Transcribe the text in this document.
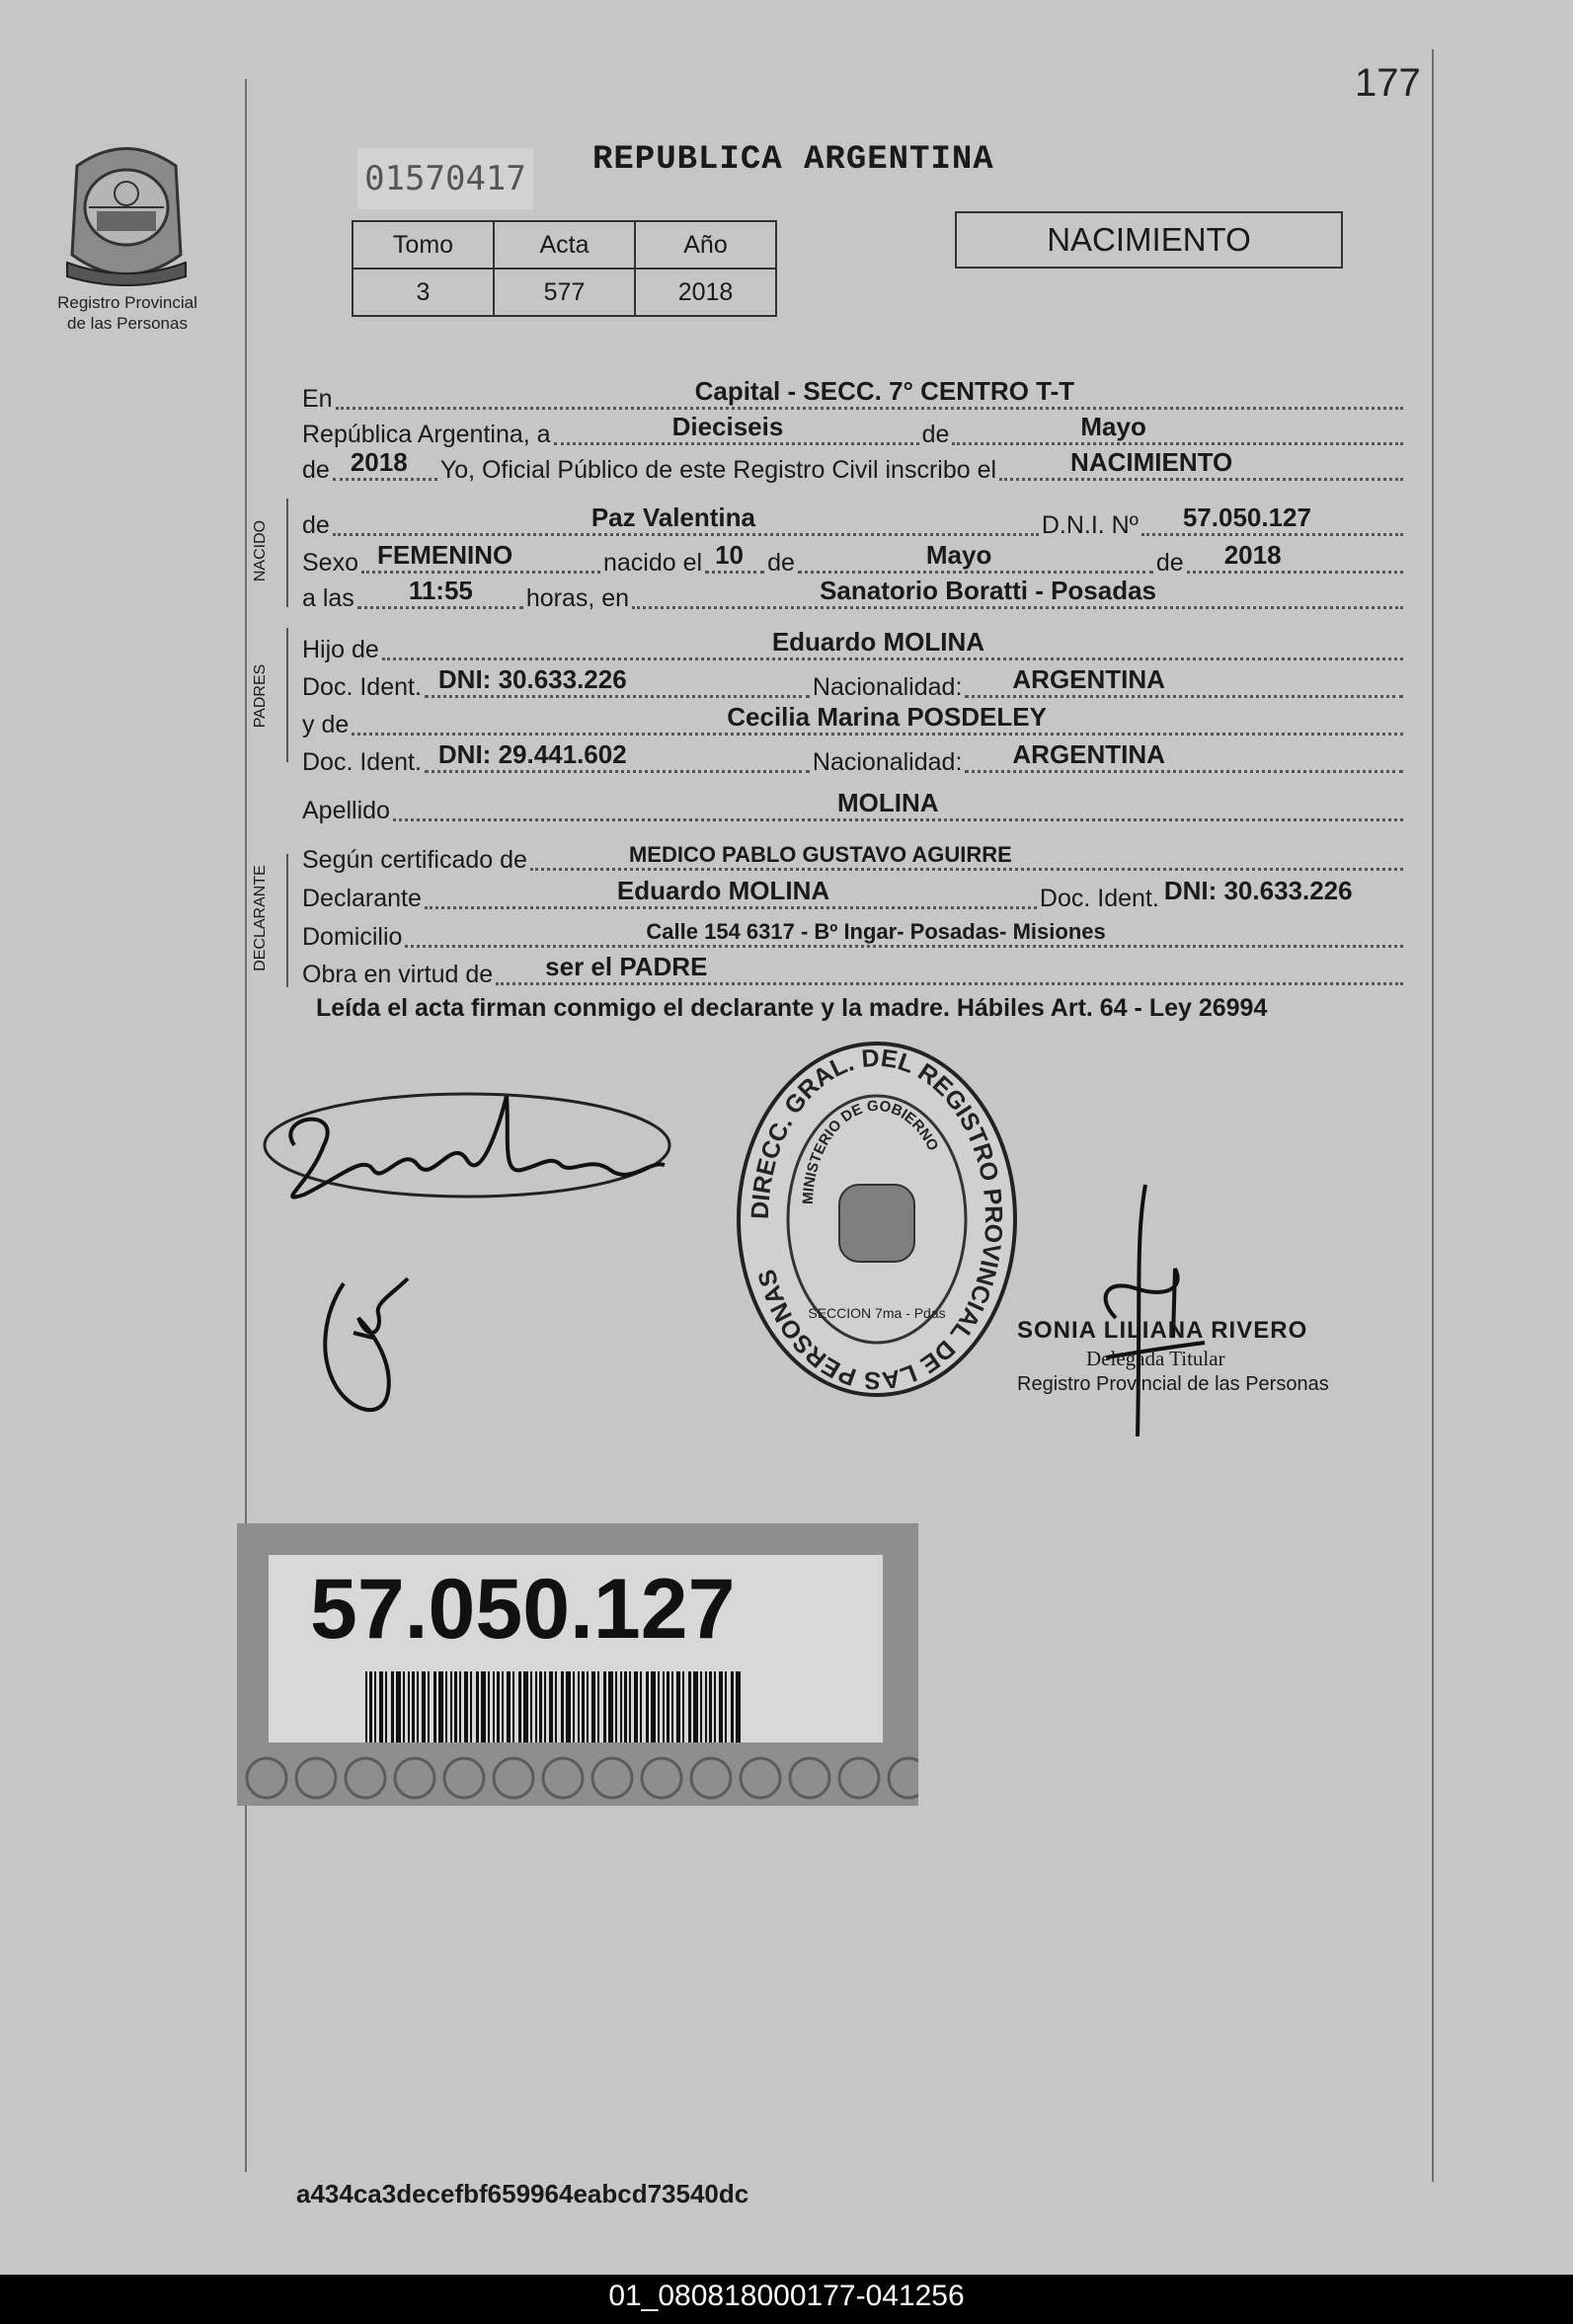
177
Registro Provincial
de las Personas
01570417 REPUBLICA ARGENTINA
Tomo	Acta	Año
3	577	2018
NACIMIENTO
En	Capital - SECC. 7° CENTRO T-T
República Argentina, a	Dieciseis	de	Mayo
de 2018 Yo, Oficial Público de este Registro Civil inscribo el	NACIMIENTO
NACIDO de	Paz Valentina	D.N.I. Nº 57.050.127
Sexo FEMENINO	nacido el 10 de	Mayo	de 2018
a las 11:55 horas, en	Sanatorio Boratti - Posadas
PADRES
Hijo de	Eduardo MOLINA
Doc. Ident. DNI: 30.633.226	Nacionalidad: ARGENTINA
y de	Cecilia Marina POSDELEY
Doc. Ident. DNI: 29.441.602	Nacionalidad: ARGENTINA
Apellido	MOLINA
DECLARANTE
Según certificado de	MEDICO PABLO GUSTAVO AGUIRRE
Declarante	Eduardo MOLINA	Doc. Ident. DNI: 30.633.226
Domicilio	Calle 154 6317 - Bº Ingar- Posadas- Misiones
Obra en virtud de ser el PADRE
Leída el acta firman conmigo el declarante y la madre. Hábiles Art. 64 - Ley 26994
DIRECC. GRAL. DEL REGISTRO PROVINCIAL DE LAS PERSONAS
MINISTERIO DE GOBIERNO
SECCION 7ma - Pdas
SONIA LILIANA RIVERO
Delegada Titular
Registro Provincial de las Personas
57.050.127
a434ca3decefbf659964eabcd73540dc
01_080818000177-041256
